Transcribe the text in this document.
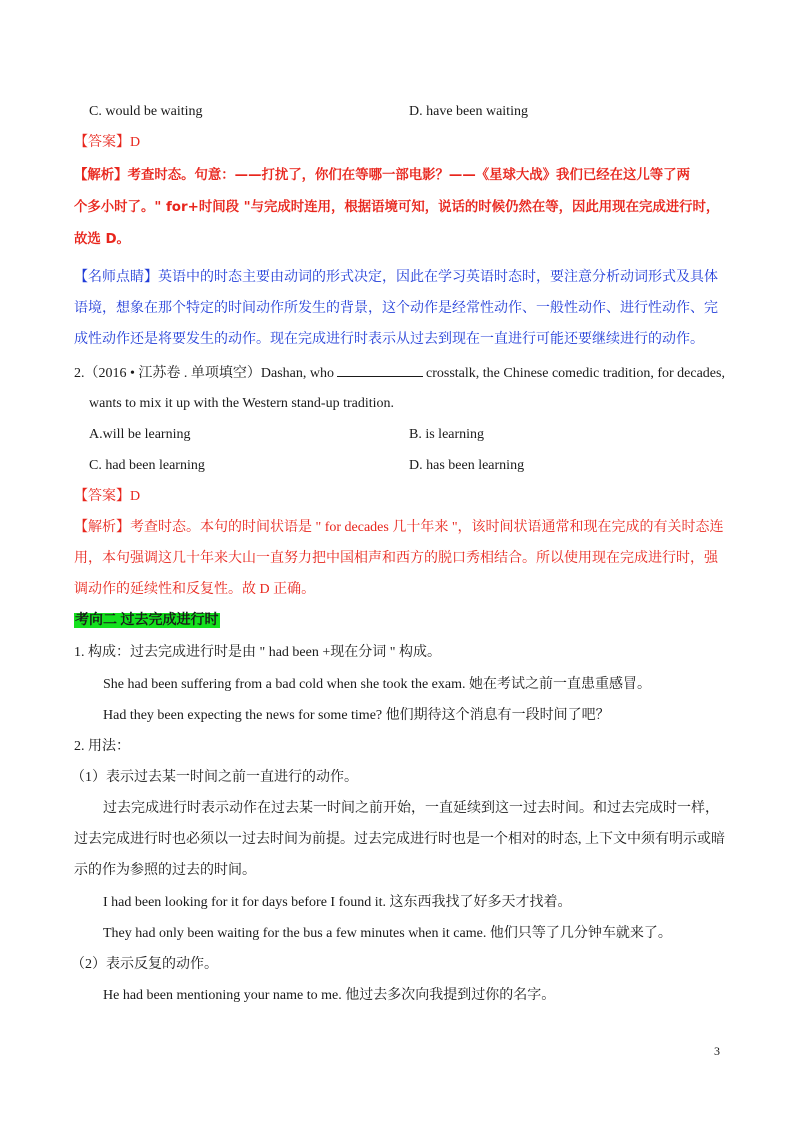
C. would be waiting	D. have been waiting
【答案】D
【解析】考查时态。句意：——打扰了，你们在等哪一部电影？——《星球大战》我们已经在这儿等了两
个多小时了。" for+时间段 "与完成时连用，根据语境可知，说话的时候仍然在等，因此用现在完成进行时，
故选 D。
【名师点睛】英语中的时态主要由动词的形式决定，因此在学习英语时态时，要注意分析动词形式及具体
语境，想象在那个特定的时间动作所发生的背景，这个动作是经常性动作、一般性动作、进行性动作、完
成性动作还是将要发生的动作。现在完成进行时表示从过去到现在一直进行可能还要继续进行的动作。
2.（2016 • 江苏卷 . 单项填空）Dashan, who	crosstalk, the Chinese comedic tradition, for decades,
wants to mix it up with the Western stand-up tradition.
A.will be learning	B. is learning
C. had been learning	D. has been learning
【答案】D
【解析】考查时态。本句的时间状语是 " for decades 几十年来 "，该时间状语通常和现在完成的有关时态连
用，本句强调这几十年来大山一直努力把中国相声和西方的脱口秀相结合。所以使用现在完成进行时，强
调动作的延续性和反复性。故 D 正确。
考向二 过去完成进行时
1. 构成：过去完成进行时是由 " had been +现在分词 " 构成。
She had been suffering from a bad cold when she took the exam. 她在考试之前一直患重感冒。
Had they been expecting the news for some time? 他们期待这个消息有一段时间了吧？
2. 用法：
（1）表示过去某一时间之前一直进行的动作。
过去完成进行时表示动作在过去某一时间之前开始，一直延续到这一过去时间。和过去完成时一样，
过去完成进行时也必须以一过去时间为前提。过去完成进行时也是一个相对的时态, 上下文中须有明示或暗
示的作为参照的过去的时间。
I had been looking for it for days before I found it. 这东西我找了好多天才找着。
They had only been waiting for the bus a few minutes when it came. 他们只等了几分钟车就来了。
（2）表示反复的动作。
He had been mentioning your name to me. 他过去多次向我提到过你的名字。
3
